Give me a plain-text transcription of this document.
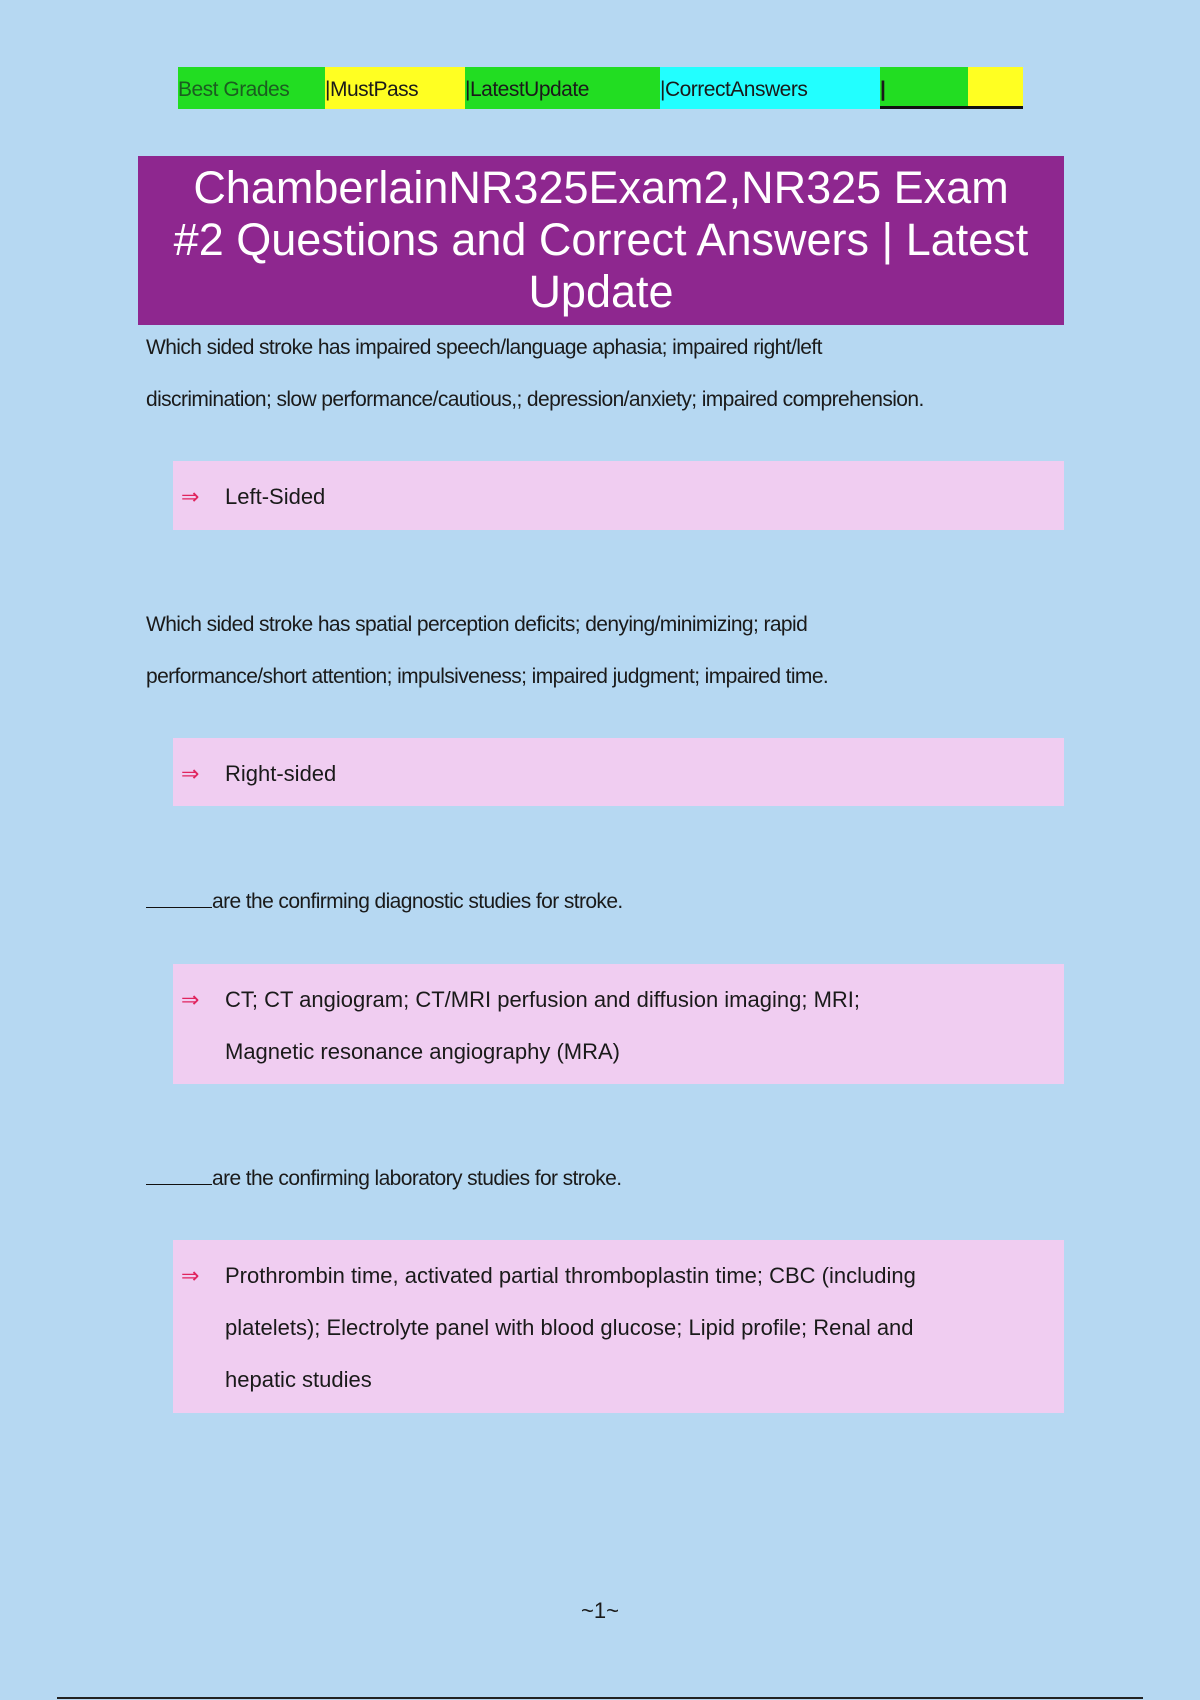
Best Grades	|MustPass	|LatestUpdate	|CorrectAnswers	|
ChamberlainNR325Exam2,NR325 Exam
#2 Questions and Correct Answers | Latest
Update

Which sided stroke has impaired speech/language aphasia; impaired right/left

discrimination; slow performance/cautious,; depression/anxiety; impaired comprehension.

⇒ Left-Sided

Which sided stroke has spatial perception deficits; denying/minimizing; rapid

performance/short attention; impulsiveness; impaired judgment; impaired time.

⇒ Right-sided

are the confirming diagnostic studies for stroke.

⇒ CT; CT angiogram; CT/MRI perfusion and diffusion imaging; MRI;

Magnetic resonance angiography (MRA)

are the confirming laboratory studies for stroke.

⇒ Prothrombin time, activated partial thromboplastin time; CBC (including

platelets); Electrolyte panel with blood glucose; Lipid profile; Renal and

hepatic studies

~1~
